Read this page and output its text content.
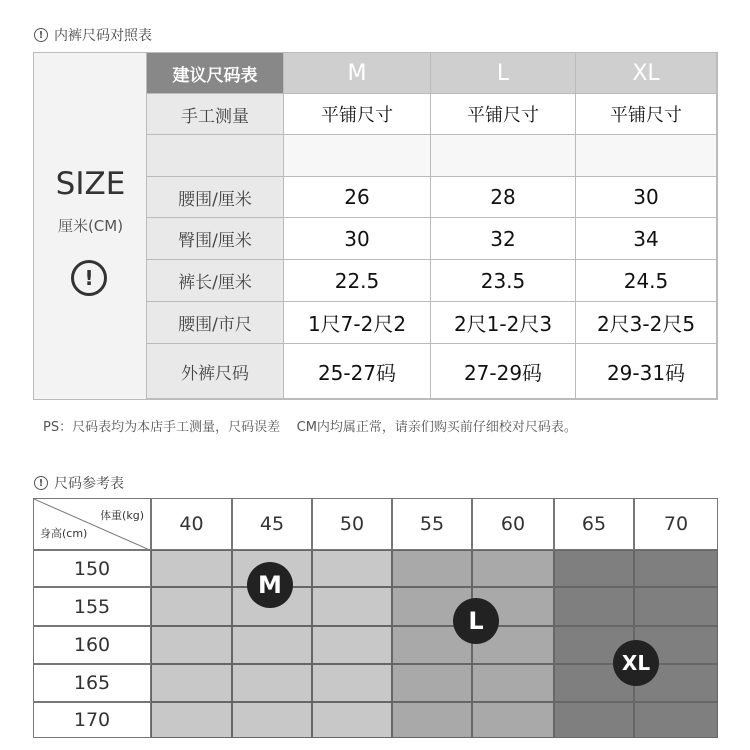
! 内裤尺码对照表
SIZE
厘米(CM)
!
建议尺码表	M	L	XL
手工测量	平铺尺寸	平铺尺寸	平铺尺寸
腰围/厘米	26	28	30
臀围/厘米	30	32	34
裤长/厘米	22.5	23.5	24.5
腰围/市尺	1尺7-2尺2	2尺1-2尺3	2尺3-2尺5
外裤尺码	25-27码	27-29码	29-31码
PS：尺码表均为本店手工测量，尺码误差    CM内均属正常，请亲们购买前仔细校对尺码表。
! 尺码参考表
体重(kg)
身高(cm)	40	45	50	55	60	65	70
150
155
160
165
170
M
L
XL
